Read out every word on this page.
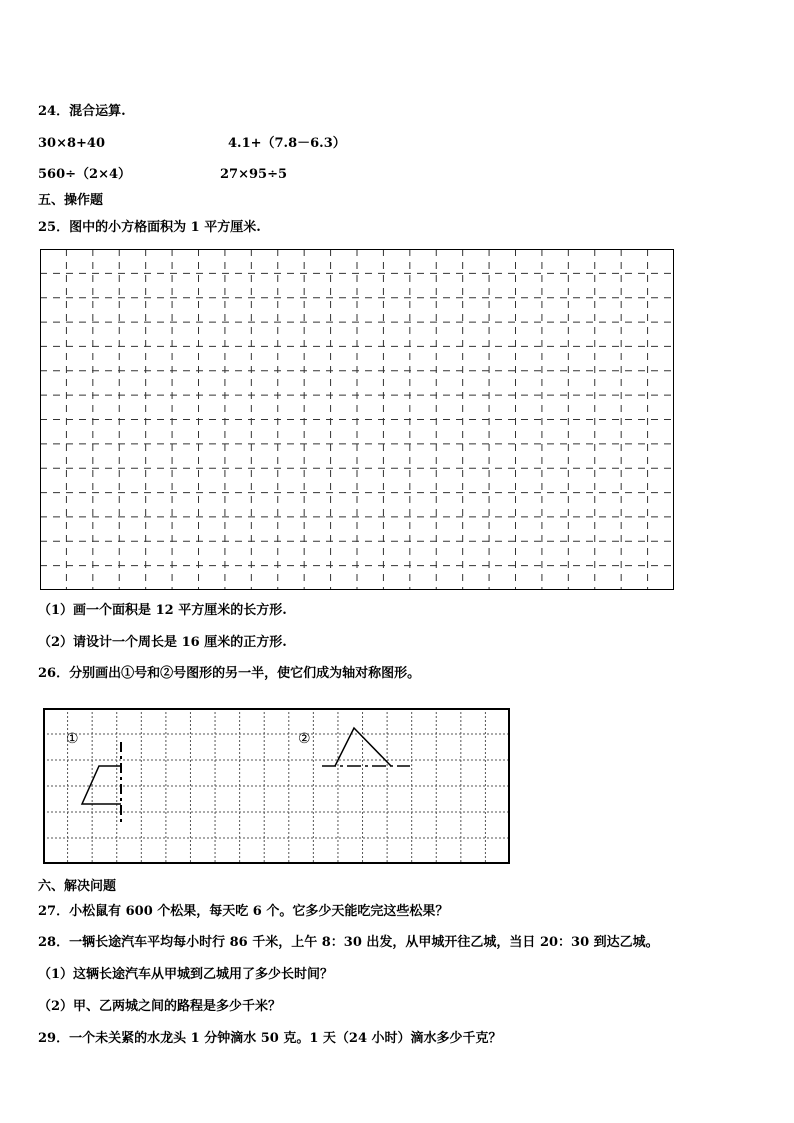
24．混合运算.
30×8+40	4.1+（7.8－6.3）
560÷（2×4）	27×95÷5
五、操作题
25．图中的小方格面积为 1 平方厘米.
（1）画一个面积是 12 平方厘米的长方形.
（2）请设计一个周长是 16 厘米的正方形.
26．分别画出①号和②号图形的另一半，使它们成为轴对称图形。
①	②
六、解决问题
27．小松鼠有 600 个松果，每天吃 6 个。它多少天能吃完这些松果？
28．一辆长途汽车平均每小时行 86 千米，上午 8：30 出发，从甲城开往乙城，当日 20：30 到达乙城。
（1）这辆长途汽车从甲城到乙城用了多少长时间？
（2）甲、乙两城之间的路程是多少千米？
29．一个未关紧的水龙头 1 分钟滴水 50 克。1 天（24 小时）滴水多少千克？
